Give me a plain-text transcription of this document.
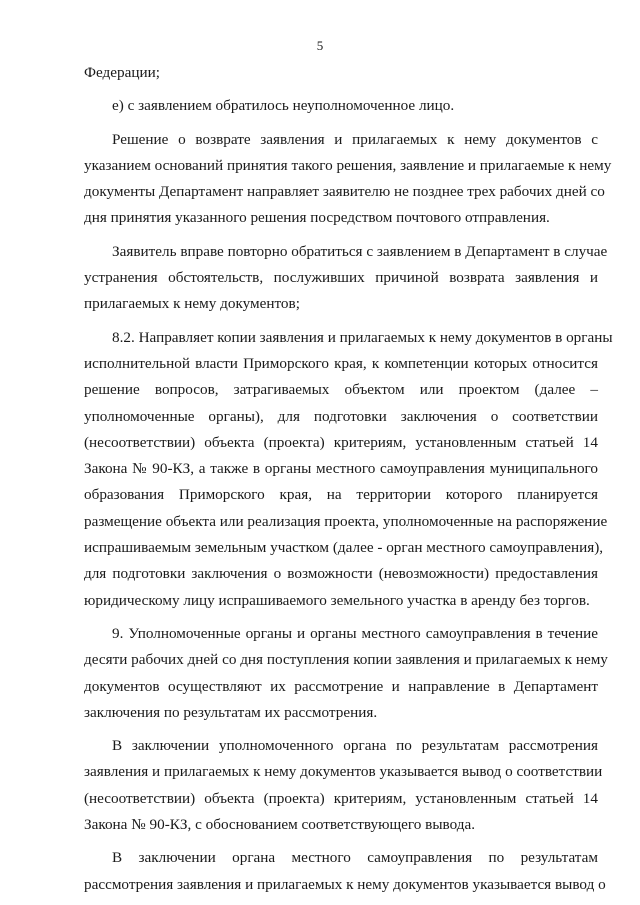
5
Федерации;
е) с заявлением обратилось неуполномоченное лицо.
Решение о возврате заявления и прилагаемых к нему документов с
указанием оснований принятия такого решения, заявление и прилагаемые к нему
документы Департамент направляет заявителю не позднее трех рабочих дней со
дня принятия указанного решения посредством почтового отправления.
Заявитель вправе повторно обратиться с заявлением в Департамент в случае
устранения обстоятельств, послуживших причиной возврата заявления и
прилагаемых к нему документов;
8.2. Направляет копии заявления и прилагаемых к нему документов в органы
исполнительной власти Приморского края, к компетенции которых относится
решение вопросов, затрагиваемых объектом или проектом (далее –
уполномоченные органы), для подготовки заключения о соответствии
(несоответствии) объекта (проекта) критериям, установленным статьей 14
Закона № 90-КЗ, а также в органы местного самоуправления муниципального
образования Приморского края, на территории которого планируется
размещение объекта или реализация проекта, уполномоченные на распоряжение
испрашиваемым земельным участком (далее - орган местного самоуправления),
для подготовки заключения о возможности (невозможности) предоставления
юридическому лицу испрашиваемого земельного участка в аренду без торгов.
9. Уполномоченные органы и органы местного самоуправления в течение
десяти рабочих дней со дня поступления копии заявления и прилагаемых к нему
документов осуществляют их рассмотрение и направление в Департамент
заключения по результатам их рассмотрения.
В заключении уполномоченного органа по результатам рассмотрения
заявления и прилагаемых к нему документов указывается вывод о соответствии
(несоответствии) объекта (проекта) критериям, установленным статьей 14
Закона № 90-КЗ, с обоснованием соответствующего вывода.
В заключении органа местного самоуправления по результатам
рассмотрения заявления и прилагаемых к нему документов указывается вывод о
